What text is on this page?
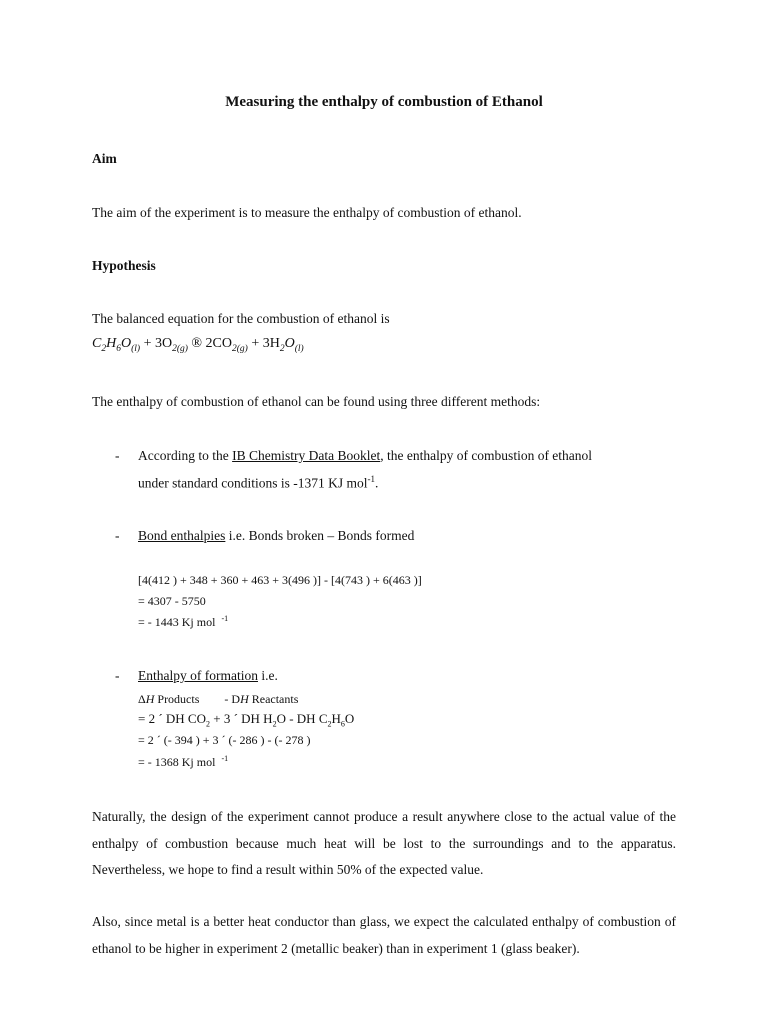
Measuring the enthalpy of combustion of Ethanol
Aim
The aim of the experiment is to measure the enthalpy of combustion of ethanol.
Hypothesis
The balanced equation for the combustion of ethanol is
$C_2H_6O_{(l)} + 3O_{2(g)}$ ® $2CO_{2(g)} + 3H_2O_{(l)}$
The enthalpy of combustion of ethanol can be found using three different methods:
- According to the IB Chemistry Data Booklet, the enthalpy of combustion of ethanol
under standard conditions is -1371 KJ mol$^{-1}$.
- Bond enthalpies i.e. Bonds broken – Bonds formed
[4(412 ) + 348 + 360 + 463 + 3(496 )] - [4(743 ) + 6(463 )]
= 4307 - 5750
= - 1443 Kj mol $^{-1}$
- Enthalpy of formation i.e.
ΔH Products - DH Reactants
= 2 ´ DH $CO_2 + 3$ ´ DH $H_2O$ - DH $C_2H_6O$
= 2 ´ (- 394 ) + 3 ´ (- 286 ) - (- 278 )
= - 1368 Kj mol $^{-1}$
Naturally, the design of the experiment cannot produce a result anywhere close to the actual value of the enthalpy of combustion because much heat will be lost to the surroundings and to the apparatus. Nevertheless, we hope to find a result within 50% of the expected value.
Also, since metal is a better heat conductor than glass, we expect the calculated enthalpy of combustion of ethanol to be higher in experiment 2 (metallic beaker) than in experiment 1 (glass beaker).
